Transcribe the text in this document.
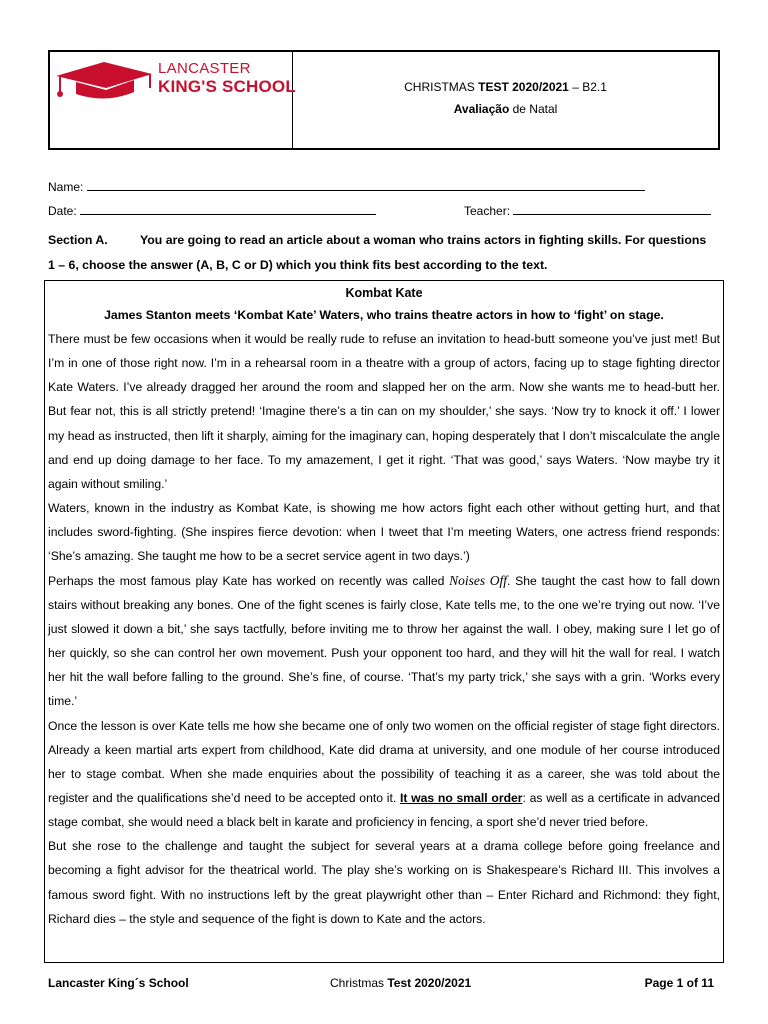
LANCASTER
KING'S SCHOOL	CHRISTMAS TEST 2020/2021 – B2.1
Avaliação de Natal
Name:
Date:	Teacher:
Section A.	You are going to read an article about a woman who trains actors in fighting skills. For questions
1 – 6, choose the answer (A, B, C or D) which you think fits best according to the text.
Kombat Kate
James Stanton meets ‘Kombat Kate’ Waters, who trains theatre actors in how to ‘fight’ on stage.

There must be few occasions when it would be really rude to refuse an invitation to head-butt someone you’ve just met! But I’m in one of those right now. I’m in a rehearsal room in a theatre with a group of actors, facing up to stage fighting director Kate Waters. I’ve already dragged her around the room and slapped her on the arm. Now she wants me to head-butt her. But fear not, this is all strictly pretend! ‘Imagine there’s a tin can on my shoulder,’ she says. ‘Now try to knock it off.’ I lower my head as instructed, then lift it sharply, aiming for the imaginary can, hoping desperately that I don’t miscalculate the angle and end up doing damage to her face. To my amazement, I get it right. ‘That was good,’ says Waters. ‘Now maybe try it again without smiling.’

Waters, known in the industry as Kombat Kate, is showing me how actors fight each other without getting hurt, and that includes sword-fighting. (She inspires fierce devotion: when I tweet that I’m meeting Waters, one actress friend responds: ‘She’s amazing. She taught me how to be a secret service agent in two days.’)

Perhaps the most famous play Kate has worked on recently was called Noises Off. She taught the cast how to fall down stairs without breaking any bones. One of the fight scenes is fairly close, Kate tells me, to the one we’re trying out now. ‘I’ve just slowed it down a bit,’ she says tactfully, before inviting me to throw her against the wall. I obey, making sure I let go of her quickly, so she can control her own movement. Push your opponent too hard, and they will hit the wall for real. I watch her hit the wall before falling to the ground. She’s fine, of course. ‘That’s my party trick,’ she says with a grin. ‘Works every time.’

Once the lesson is over Kate tells me how she became one of only two women on the official register of stage fight directors. Already a keen martial arts expert from childhood, Kate did drama at university, and one module of her course introduced her to stage combat. When she made enquiries about the possibility of teaching it as a career, she was told about the register and the qualifications she’d need to be accepted onto it. It was no small order: as well as a certificate in advanced stage combat, she would need a black belt in karate and proficiency in fencing, a sport she’d never tried before.

But she rose to the challenge and taught the subject for several years at a drama college before going freelance and becoming a fight advisor for the theatrical world. The play she’s working on is Shakespeare’s Richard III. This involves a famous sword fight. With no instructions left by the great playwright other than – Enter Richard and Richmond: they fight, Richard dies – the style and sequence of the fight is down to Kate and the actors.

Lancaster King´s School	Christmas Test 2020/2021	Page 1 of 11
